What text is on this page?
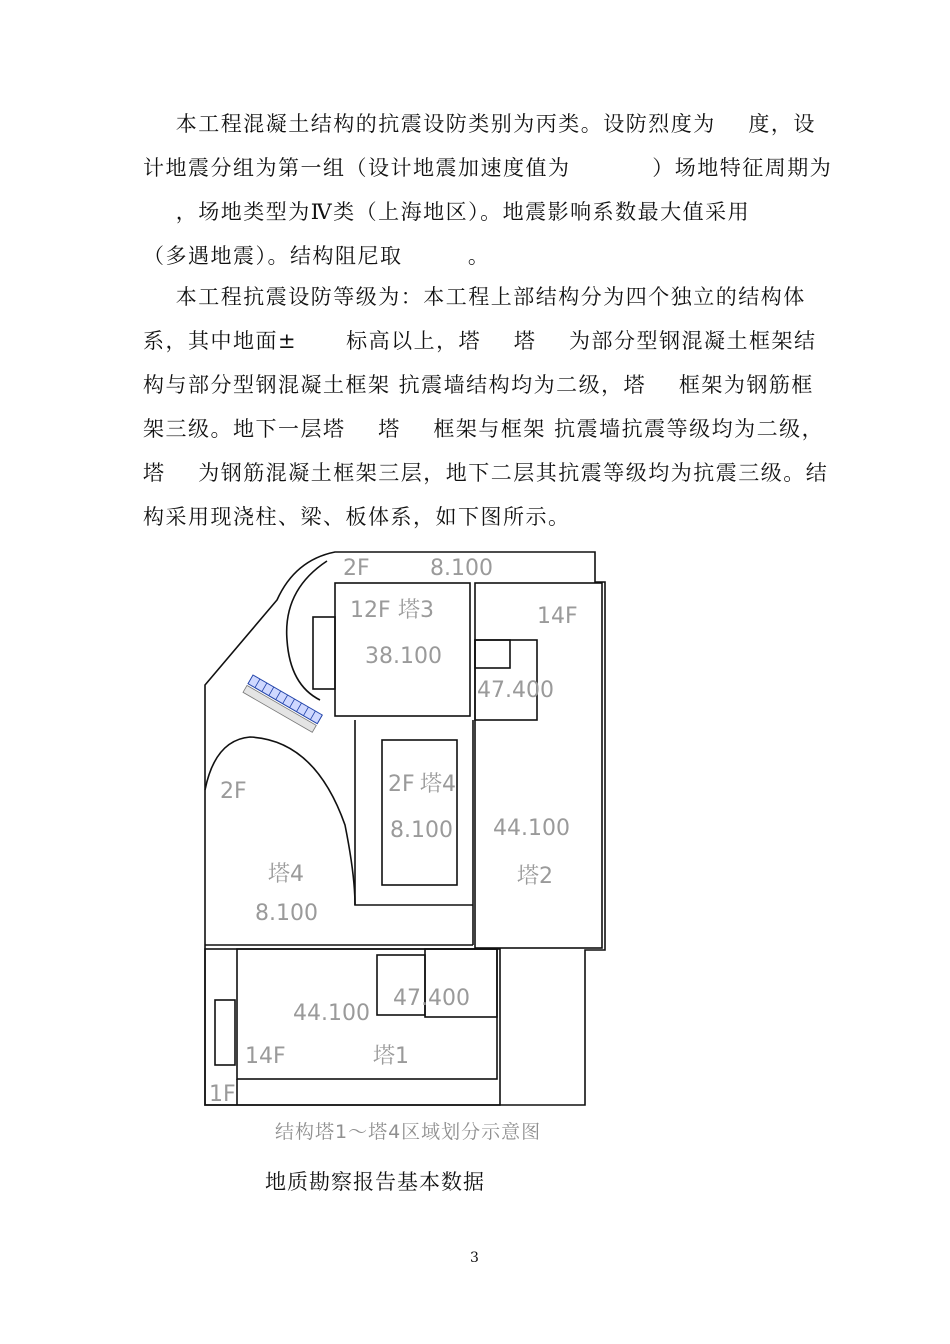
本工程混凝土结构的抗震设防类别为丙类。设防烈度为    度，设
计地震分组为第一组（设计地震加速度值为          ）场地特征周期为
，场地类型为Ⅳ类（上海地区）。地震影响系数最大值采用
（多遇地震）。结构阻尼取        。
本工程抗震设防等级为：本工程上部结构分为四个独立的结构体
系，其中地面±      标高以上，塔    塔    为部分型钢混凝土框架结
构与部分型钢混凝土框架 抗震墙结构均为二级，塔    框架为钢筋框
架三级。地下一层塔    塔    框架与框架 抗震墙抗震等级均为二级，
塔    为钢筋混凝土框架三层，地下二层其抗震等级均为抗震三级。结
构采用现浇柱、梁、板体系，如下图所示。
2F	8.100
12F 塔3
38.100
14F
47.400
44.100
塔2
2F 塔4
8.100
2F
塔4
8.100
47.400
44.100
14F	塔1
1F
结构塔1～塔4区域划分示意图
地质勘察报告基本数据
3
